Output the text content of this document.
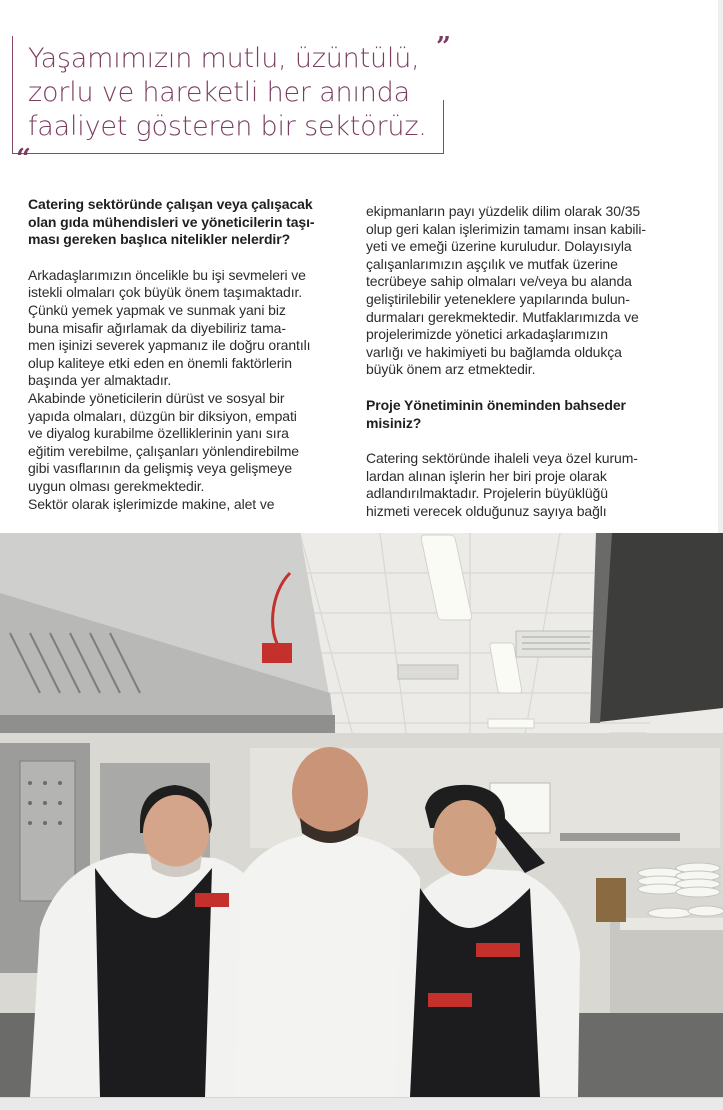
”
“
Yaşamımızın mutlu, üzüntülü,
zorlu ve hareketli her anında
faaliyet gösteren bir sektörüz.

Catering sektöründe çalışan veya çalışacak
olan gıda mühendisleri ve yöneticilerin taşı-
ması gereken başlıca nitelikler nelerdir?

Arkadaşlarımızın öncelikle bu işi sevmeleri ve
istekli olmaları çok büyük önem taşımaktadır.
Çünkü yemek yapmak ve sunmak yani biz
buna misafir ağırlamak da diyebiliriz tama-
men işinizi severek yapmanız ile doğru orantılı
olup kaliteye etki eden en önemli faktörlerin
başında yer almaktadır.

Akabinde yöneticilerin dürüst ve sosyal bir
yapıda olmaları, düzgün bir diksiyon, empati
ve diyalog kurabilme özelliklerinin yanı sıra
eğitim verebilme, çalışanları yönlendirebilme
gibi vasıflarının da gelişmiş veya gelişmeye
uygun olması gerekmektedir.

Sektör olarak işlerimizde makine, alet ve

ekipmanların payı yüzdelik dilim olarak 30/35
olup geri kalan işlerimizin tamamı insan kabili-
yeti ve emeği üzerine kuruludur. Dolayısıyla
çalışanlarımızın aşçılık ve mutfak üzerine
tecrübeye sahip olmaları ve/veya bu alanda
geliştirilebilir yeteneklere yapılarında bulun-
durmaları gerekmektedir. Mutfaklarımızda ve
projelerimizde yönetici arkadaşlarımızın
varlığı ve hakimiyeti bu bağlamda oldukça
büyük önem arz etmektedir.

Proje Yönetiminin öneminden bahseder
misiniz?

Catering sektöründe ihaleli veya özel kurum-
lardan alınan işlerin her biri proje olarak
adlandırılmaktadır. Projelerin büyüklüğü
hizmeti verecek olduğunuz sayıya bağlı
